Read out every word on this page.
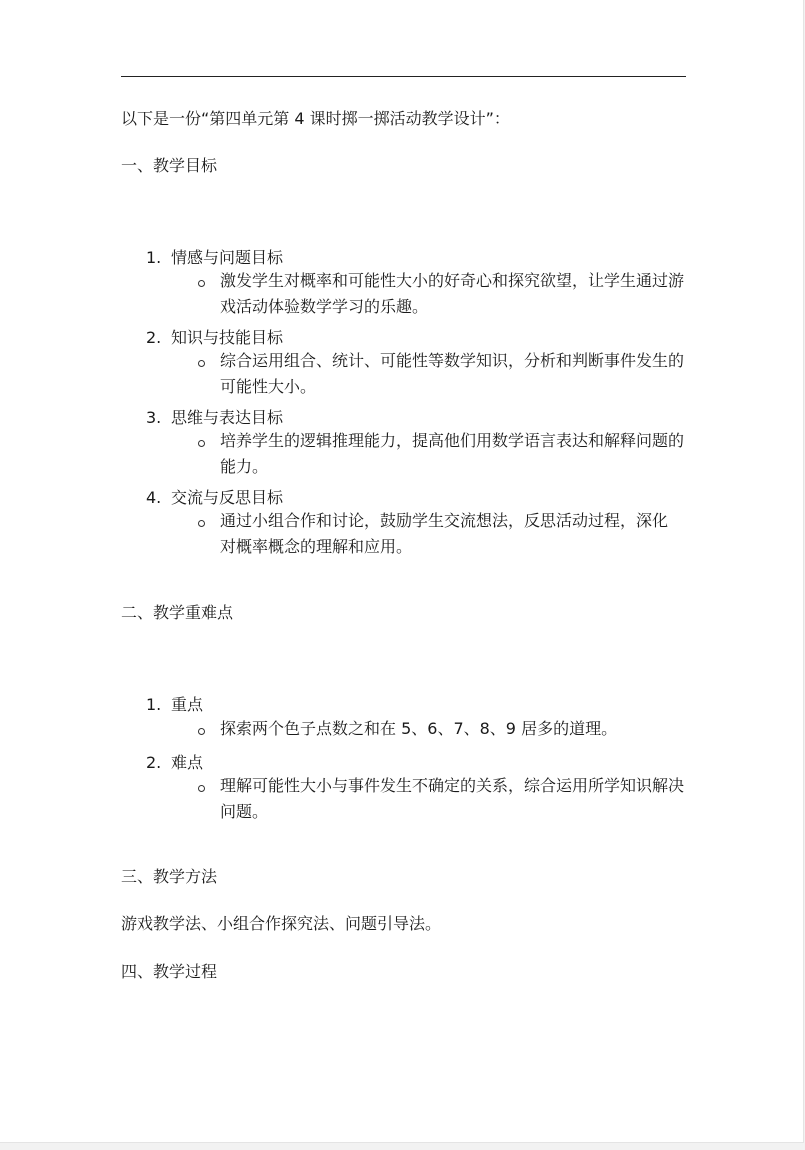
以下是一份“第四单元第 4 课时掷一掷活动教学设计”：
一、教学目标
1. 情感与问题目标
激发学生对概率和可能性大小的好奇心和探究欲望，让学生通过游戏活动体验数学学习的乐趣。
2. 知识与技能目标
综合运用组合、统计、可能性等数学知识，分析和判断事件发生的可能性大小。
3. 思维与表达目标
培养学生的逻辑推理能力，提高他们用数学语言表达和解释问题的能力。
4. 交流与反思目标
通过小组合作和讨论，鼓励学生交流想法，反思活动过程，深化对概率概念的理解和应用。
二、教学重难点
1. 重点
探索两个色子点数之和在 5、6、7、8、9 居多的道理。
2. 难点
理解可能性大小与事件发生不确定的关系，综合运用所学知识解决问题。
三、教学方法
游戏教学法、小组合作探究法、问题引导法。
四、教学过程
